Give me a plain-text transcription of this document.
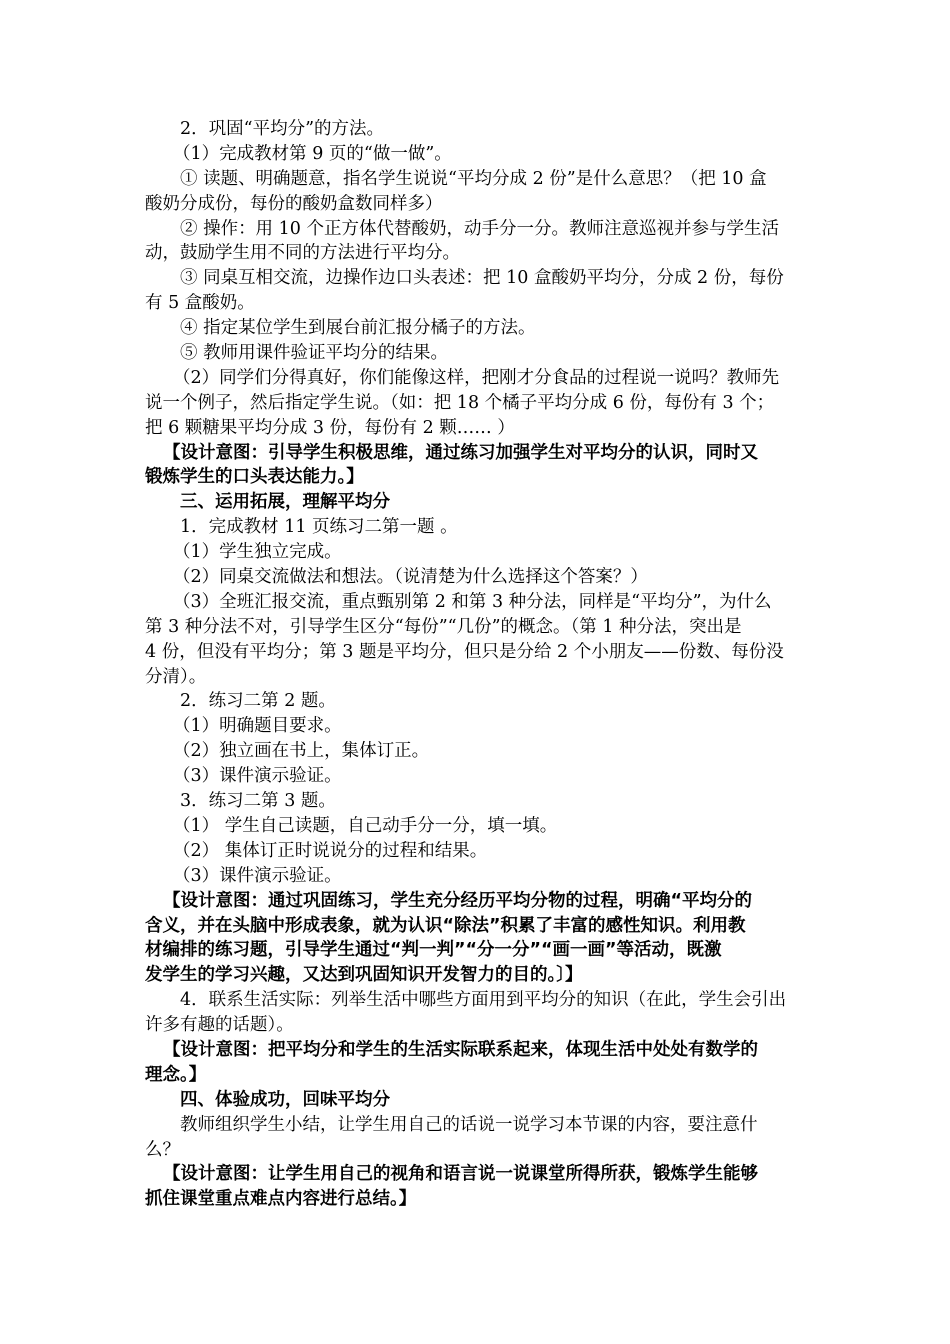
2．巩固“平均分”的方法。
（1）完成教材第 9 页的“做一做”。
① 读题、明确题意，指名学生说说“平均分成 2 份”是什么意思？（把 10 盒
酸奶分成份，每份的酸奶盒数同样多）
② 操作：用 10 个正方体代替酸奶，动手分一分。教师注意巡视并参与学生活
动，鼓励学生用不同的方法进行平均分。
③ 同桌互相交流，边操作边口头表述：把 10 盒酸奶平均分，分成 2 份，每份
有 5 盒酸奶。
④ 指定某位学生到展台前汇报分橘子的方法。
⑤ 教师用课件验证平均分的结果。
（2）同学们分得真好，你们能像这样，把刚才分食品的过程说一说吗？教师先
说一个例子，然后指定学生说。（如：把 18 个橘子平均分成 6 份，每份有 3 个；
把 6 颗糖果平均分成 3 份，每份有 2 颗…… ）
【设计意图：引导学生积极思维，通过练习加强学生对平均分的认识，同时又
锻炼学生的口头表达能力。】
三、运用拓展，理解平均分
1．完成教材 11 页练习二第一题 。
（1）学生独立完成。
（2）同桌交流做法和想法。（说清楚为什么选择这个答案？）
（3）全班汇报交流，重点甄别第 2 和第 3 种分法，同样是“平均分”，为什么
第 3 种分法不对，引导学生区分“每份”“几份”的概念。（第 1 种分法，突出是
4 份，但没有平均分；第 3 题是平均分，但只是分给 2 个小朋友——份数、每份没
分清）。
2．练习二第 2 题。
（1）明确题目要求。
（2）独立画在书上，集体订正。
（3）课件演示验证。
3．练习二第 3 题。
（1） 学生自己读题，自己动手分一分，填一填。
（2） 集体订正时说说分的过程和结果。
（3）课件演示验证。
【设计意图：通过巩固练习，学生充分经历平均分物的过程，明确“平均分的
含义，并在头脑中形成表象，就为认识“除法”积累了丰富的感性知识。利用教
材编排的练习题，引导学生通过“判一判”“分一分”“画一画”等活动，既激
发学生的学习兴趣，又达到巩固知识开发智力的目的。〕】
4．联系生活实际：列举生活中哪些方面用到平均分的知识（在此，学生会引出
许多有趣的话题）。
【设计意图：把平均分和学生的生活实际联系起来，体现生活中处处有数学的
理念。】
四、体验成功，回味平均分
教师组织学生小结，让学生用自己的话说一说学习本节课的内容，要注意什
么？
【设计意图：让学生用自己的视角和语言说一说课堂所得所获，锻炼学生能够
抓住课堂重点难点内容进行总结。】
